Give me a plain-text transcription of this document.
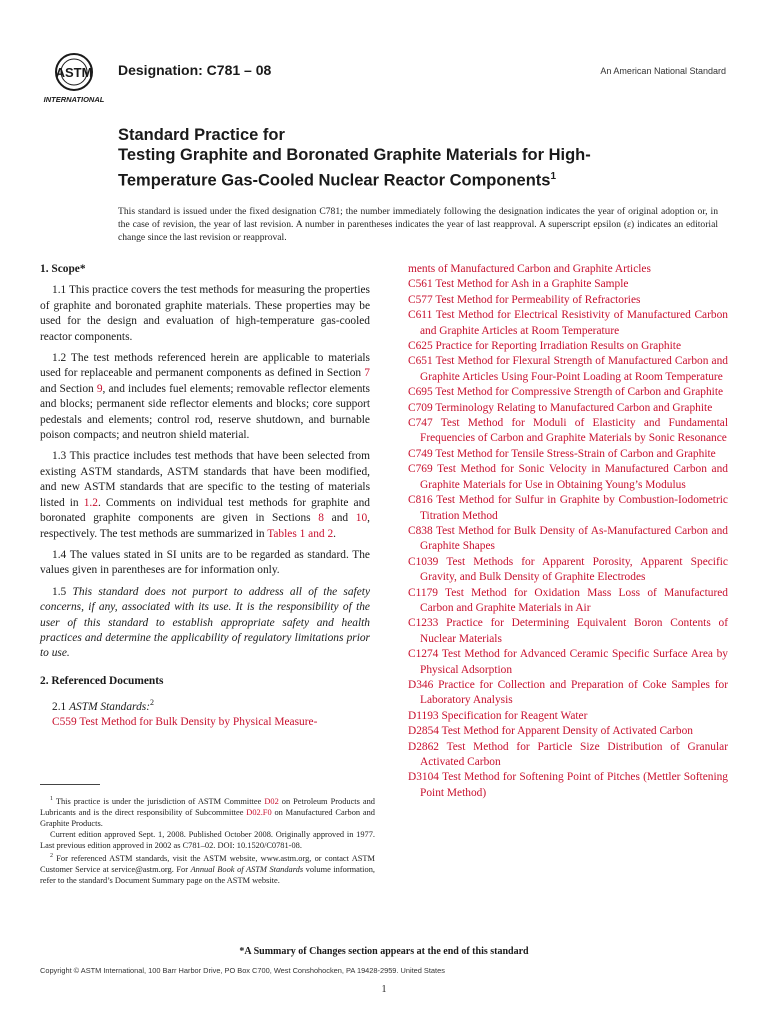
ASTM
INTERNATIONAL
Designation: C781 – 08	An American National Standard
Standard Practice for
Testing Graphite and Boronated Graphite Materials for High-
Temperature Gas-Cooled Nuclear Reactor Components$^1$
This standard is issued under the fixed designation C781; the number immediately following the designation indicates the year of original adoption or, in the case of revision, the year of last revision. A number in parentheses indicates the year of last reapproval. A superscript epsilon (ε) indicates an editorial change since the last revision or reapproval.
1. Scope*

1.1 This practice covers the test methods for measuring the properties of graphite and boronated graphite materials. These properties may be used for the design and evaluation of high-temperature gas-cooled reactor components.

1.2 The test methods referenced herein are applicable to materials used for replaceable and permanent components as defined in Section 7 and Section 9, and includes fuel elements; removable reflector elements and blocks; permanent side reflector elements and blocks; core support pedestals and elements; control rod, reserve shutdown, and burnable poison compacts; and neutron shield material.

1.3 This practice includes test methods that have been selected from existing ASTM standards, ASTM standards that have been modified, and new ASTM standards that are specific to the testing of materials listed in 1.2. Comments on individual test methods for graphite and boronated graphite components are given in Sections 8 and 10, respectively. The test methods are summarized in Tables 1 and 2.

1.4 The values stated in SI units are to be regarded as standard. The values given in parentheses are for information only.

1.5 This standard does not purport to address all of the safety concerns, if any, associated with its use. It is the responsibility of the user of this standard to establish appropriate safety and health practices and determine the applicability of regulatory limitations prior to use.

2. Referenced Documents

2.1 ASTM Standards:$^2$

C559 Test Method for Bulk Density by Physical Measure-
ments of Manufactured Carbon and Graphite Articles
C561 Test Method for Ash in a Graphite Sample
C577 Test Method for Permeability of Refractories
C611 Test Method for Electrical Resistivity of Manufactured Carbon and Graphite Articles at Room Temperature
C625 Practice for Reporting Irradiation Results on Graphite
C651 Test Method for Flexural Strength of Manufactured Carbon and Graphite Articles Using Four-Point Loading at Room Temperature
C695 Test Method for Compressive Strength of Carbon and Graphite
C709 Terminology Relating to Manufactured Carbon and Graphite
C747 Test Method for Moduli of Elasticity and Fundamental Frequencies of Carbon and Graphite Materials by Sonic Resonance
C749 Test Method for Tensile Stress-Strain of Carbon and Graphite
C769 Test Method for Sonic Velocity in Manufactured Carbon and Graphite Materials for Use in Obtaining Young’s Modulus
C816 Test Method for Sulfur in Graphite by Combustion-Iodometric Titration Method
C838 Test Method for Bulk Density of As-Manufactured Carbon and Graphite Shapes
C1039 Test Methods for Apparent Porosity, Apparent Specific Gravity, and Bulk Density of Graphite Electrodes
C1179 Test Method for Oxidation Mass Loss of Manufactured Carbon and Graphite Materials in Air
C1233 Practice for Determining Equivalent Boron Contents of Nuclear Materials
C1274 Test Method for Advanced Ceramic Specific Surface Area by Physical Adsorption
D346 Practice for Collection and Preparation of Coke Samples for Laboratory Analysis
D1193 Specification for Reagent Water
D2854 Test Method for Apparent Density of Activated Carbon
D2862 Test Method for Particle Size Distribution of Granular Activated Carbon
D3104 Test Method for Softening Point of Pitches (Mettler Softening Point Method)

$^1$ This practice is under the jurisdiction of ASTM Committee D02 on Petroleum Products and Lubricants and is the direct responsibility of Subcommittee D02.F0 on Manufactured Carbon and Graphite Products.

Current edition approved Sept. 1, 2008. Published October 2008. Originally approved in 1977. Last previous edition approved in 2002 as C781–02. DOI: 10.1520/C0781-08.

$^2$ For referenced ASTM standards, visit the ASTM website, www.astm.org, or contact ASTM Customer Service at service@astm.org. For Annual Book of ASTM Standards volume information, refer to the standard’s Document Summary page on the ASTM website.

*A Summary of Changes section appears at the end of this standard
Copyright © ASTM International, 100 Barr Harbor Drive, PO Box C700, West Conshohocken, PA 19428-2959. United States
1
